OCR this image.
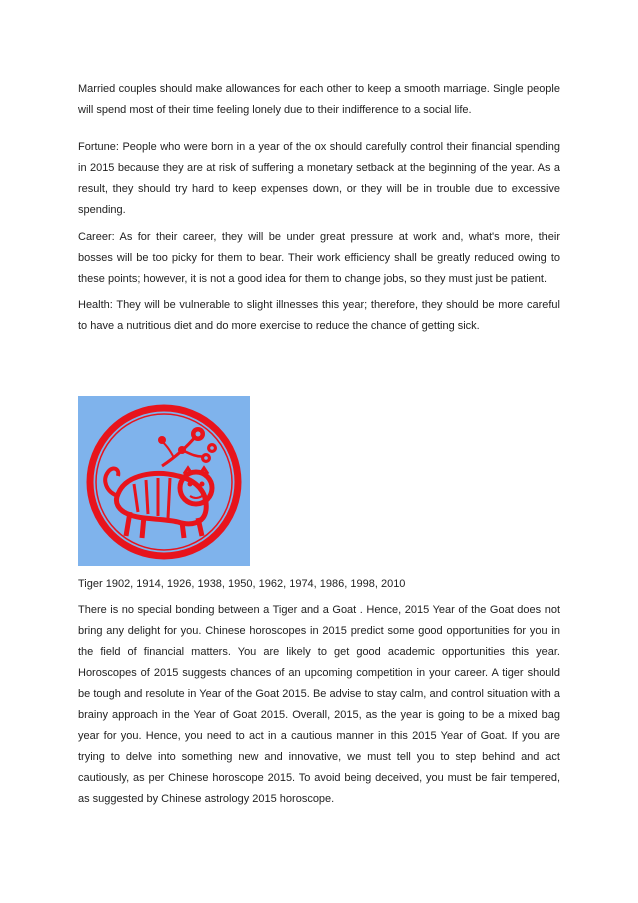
Married couples should make allowances for each other to keep a smooth marriage. Single people will spend most of their time feeling lonely due to their indifference to a social life.

Fortune: People who were born in a year of the ox should carefully control their financial spending in 2015 because they are at risk of suffering a monetary setback at the beginning of the year. As a result, they should try hard to keep expenses down, or they will be in trouble due to excessive spending.

Career: As for their career, they will be under great pressure at work and, what's more, their bosses will be too picky for them to bear. Their work efficiency shall be greatly reduced owing to these points; however, it is not a good idea for them to change jobs, so they must just be patient.

Health: They will be vulnerable to slight illnesses this year; therefore, they should be more careful to have a nutritious diet and do more exercise to reduce the chance of getting sick.

Tiger 1902, 1914, 1926, 1938, 1950, 1962, 1974, 1986, 1998, 2010

There is no special bonding between a Tiger and a Goat . Hence, 2015 Year of the Goat does not bring any delight for you. Chinese horoscopes in 2015 predict some good opportunities for you in the field of financial matters. You are likely to get good academic opportunities this year. Horoscopes of 2015 suggests chances of an upcoming competition in your career. A tiger should be tough and resolute in Year of the Goat 2015. Be advise to stay calm, and control situation with a brainy approach in the Year of Goat 2015. Overall, 2015, as the year is going to be a mixed bag year for you. Hence, you need to act in a cautious manner in this 2015 Year of Goat. If you are trying to delve into something new and innovative, we must tell you to step behind and act cautiously, as per Chinese horoscope 2015. To avoid being deceived, you must be fair tempered, as suggested by Chinese astrology 2015 horoscope.
